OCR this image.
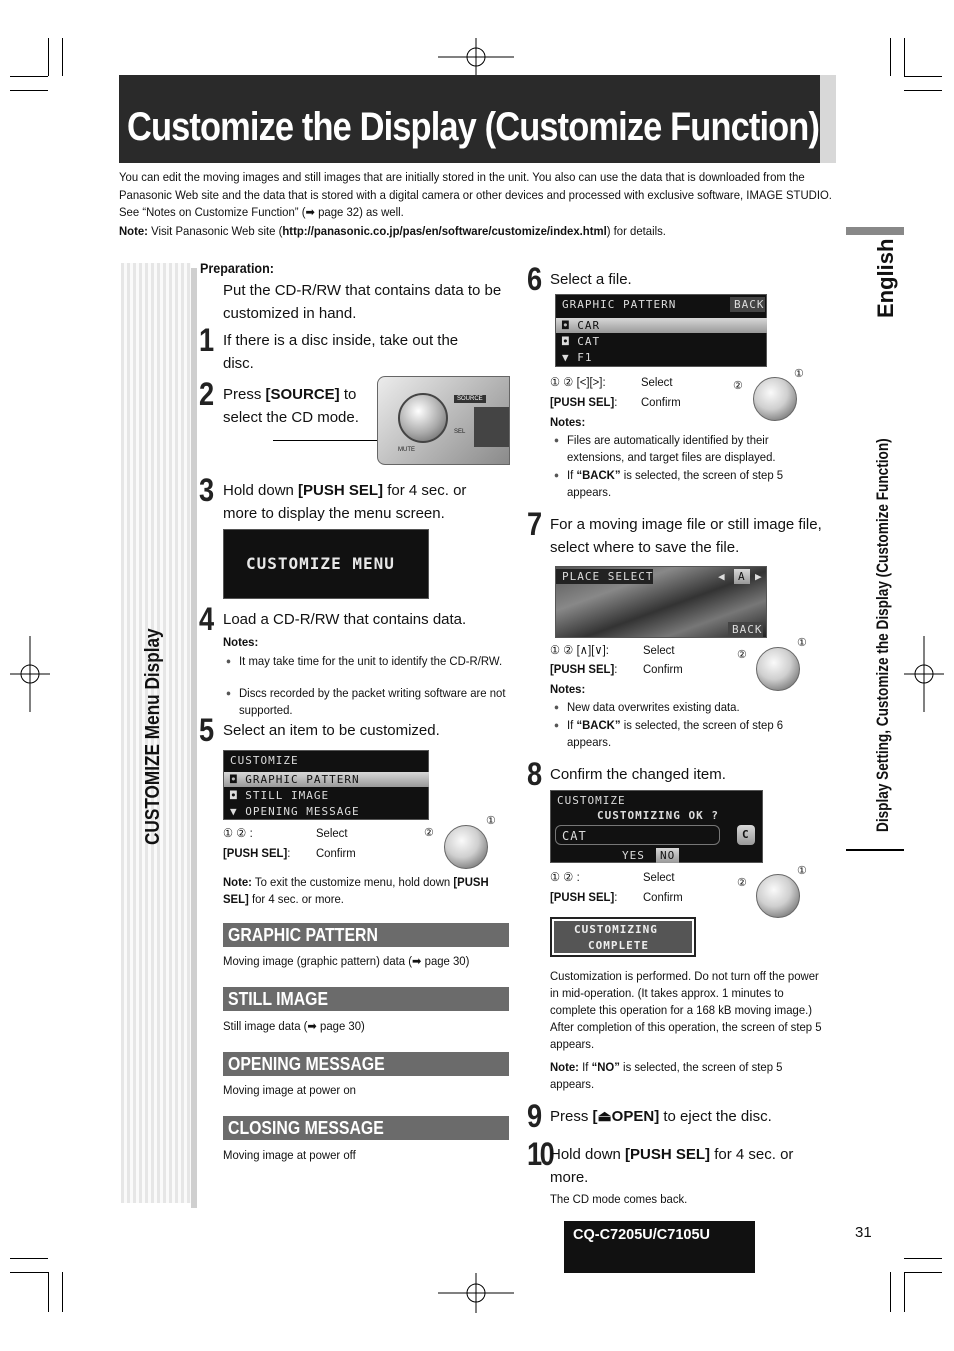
Customize the Display (Customize Function)
You can edit the moving images and still images that are initially stored in the unit. You also can use the data that is downloaded from the Panasonic Web site and the data that is stored with a digital camera or other devices and processed with exclusive software, IMAGE STUDIO. See “Notes on Customize Function” (➡ page 32) as well.
Note: Visit Panasonic Web site (http://panasonic.co.jp/pas/en/software/customize/index.html) for details.
CUSTOMIZE Menu Display
English
Display Setting, Customize the Display (Customize Function)
Preparation:
Put the CD-R/RW that contains data to be customized in hand.
1 If there is a disc inside, take out the disc.
2 Press [SOURCE] to select the CD mode.
SOURCE
MUTE
SEL
3 Hold down [PUSH SEL] for 4 sec. or more to display the menu screen.
CUSTOMIZE MENU
4 Load a CD-R/RW that contains data.
Notes:
● It may take time for the unit to identify the CD-R/RW.
● Discs recorded by the packet writing software are not supported.
5 Select an item to be customized.
CUSTOMIZE
◘ GRAPHIC PATTERN
◘ STILL IMAGE
▼ OPENING MESSAGE
① ② :	Select
[PUSH SEL]: Confirm
②
①
Note: To exit the customize menu, hold down [PUSH SEL] for 4 sec. or more.
GRAPHIC PATTERN
Moving image (graphic pattern) data (➡ page 30)
STILL IMAGE
Still image data (➡ page 30)
OPENING MESSAGE
Moving image at power on
CLOSING MESSAGE
Moving image at power off
6 Select a file.
GRAPHIC PATTERN	BACK
◘ CAR
◘ CAT
▼ F1
① ② [<][>]:	Select
[PUSH SEL]: Confirm
②
①
Notes:
● Files are automatically identified by their extensions, and target files are displayed.
● If “BACK” is selected, the screen of step 5 appears.
7 For a moving image file or still image file, select where to save the file.
PLACE SELECT	◀	A ▶
BACK
① ② [∧][∨]:	Select
[PUSH SEL]: Confirm
②
①
Notes:
● New data overwrites existing data.
● If “BACK” is selected, the screen of step 6 appears.
8 Confirm the changed item.
CUSTOMIZE
CUSTOMIZING OK ?
CAT	C
YES	NO
① ② :	Select
[PUSH SEL]: Confirm
②
①
CUSTOMIZING
COMPLETE
Customization is performed. Do not turn off the power in mid-operation. (It takes approx. 1 minutes to complete this operation for a 168 kB moving image.) After completion of this operation, the screen of step 5 appears.
Note: If “NO” is selected, the screen of step 5 appears.
9 Press [⏏OPEN] to eject the disc.
10
Hold down [PUSH SEL] for 4 sec. or more.
The CD mode comes back.
CQ-C7205U/C7105U	31
